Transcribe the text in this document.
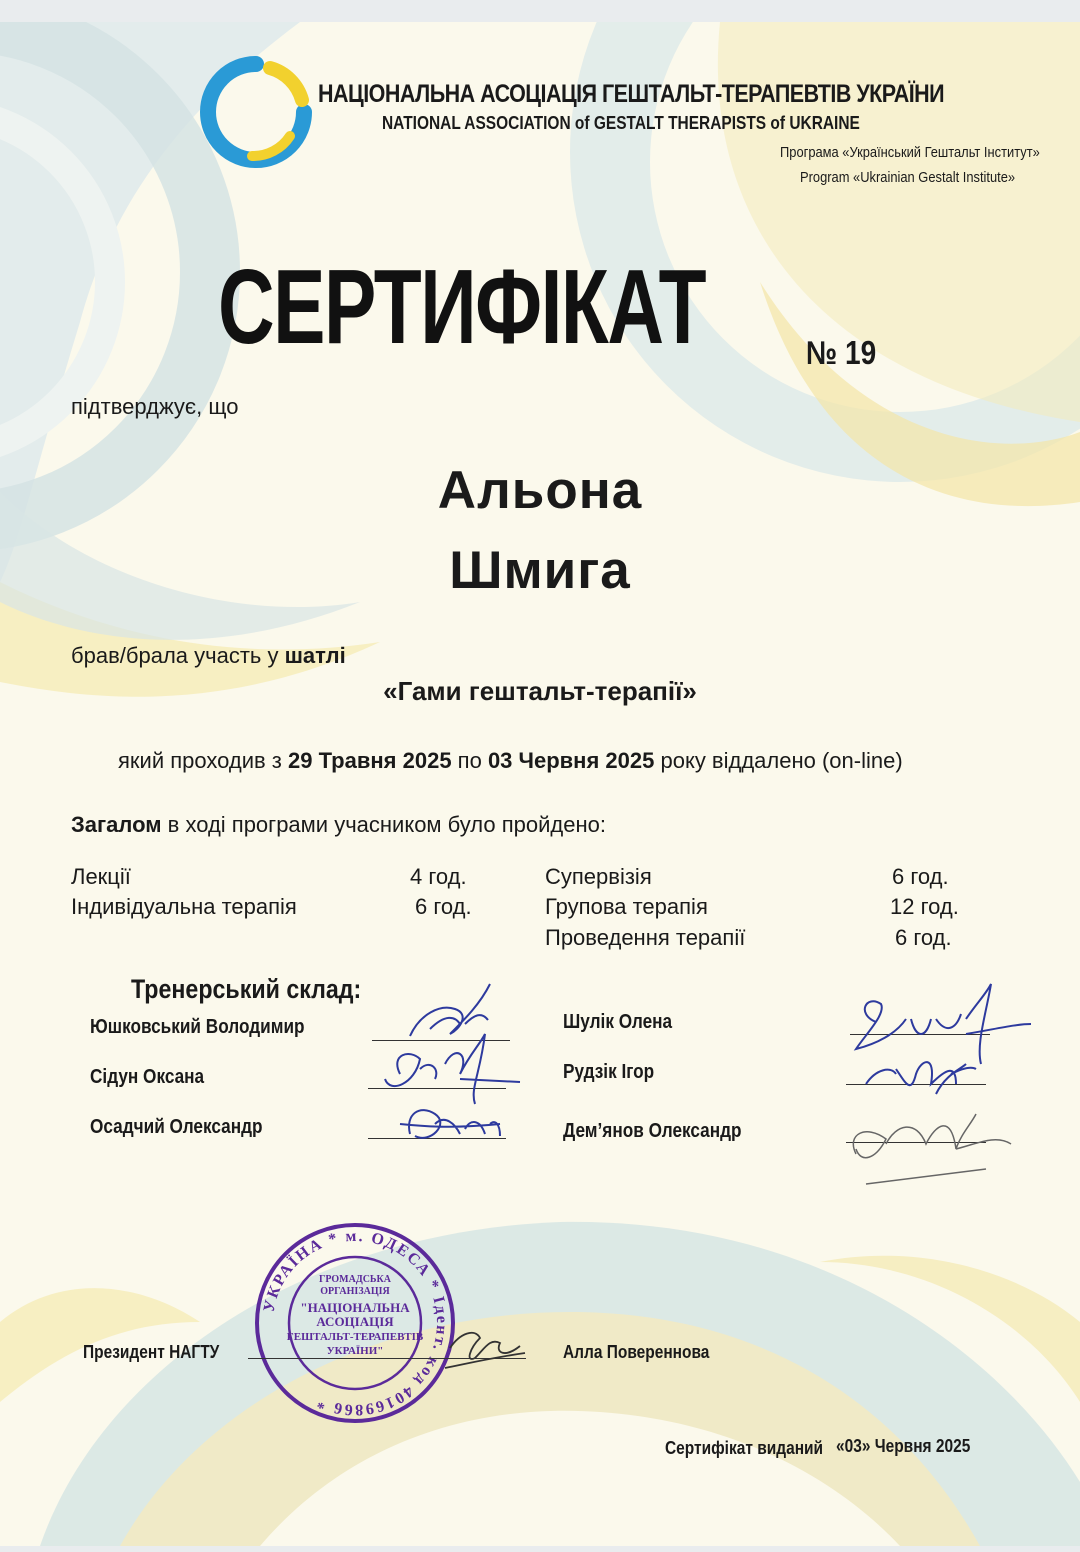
НАЦІОНАЛЬНА АСОЦІАЦІЯ ГЕШТАЛЬТ-ТЕРАПЕВТІВ УКРАЇНИ
NATIONAL ASSOCIATION of GESTALT THERAPISTS of UKRAINE
Програма «Український Гештальт Інститут»
Program «Ukrainian Gestalt Institute»
СЕРТИФІКАТ	№ 19
підтверджує, що
Альона
Шмига
брав/брала участь у шатлі
«Гами гештальт-терапії»
який проходив з 29 Травня 2025 по 03 Червня 2025 року віддалено (on-line)
Загалом в ході програми учасником було пройдено:
Лекції	4 год.
Індивідуальна терапія	6 год.
Супервізія	6 год.
Групова терапія	12 год.
Проведення терапії	6 год.
Тренерський склад:
Юшковський Володимир
Сідун Оксана
Осадчий Олександр
Шулік Олена
Рудзік Ігор
Дем’янов Олександр
УКРАЇНА * м. ОДЕСА * Ідент. код 40169866 *
ГРОМАДСЬКА
ОРГАНІЗАЦІЯ
"НАЦІОНАЛЬНА
АСОЦІАЦІЯ
ГЕШТАЛЬТ-ТЕРАПЕВТІВ
УКРАЇНИ"
Президент НАГТУ	Алла Повереннова
Сертифікат виданий «03» Червня 2025
